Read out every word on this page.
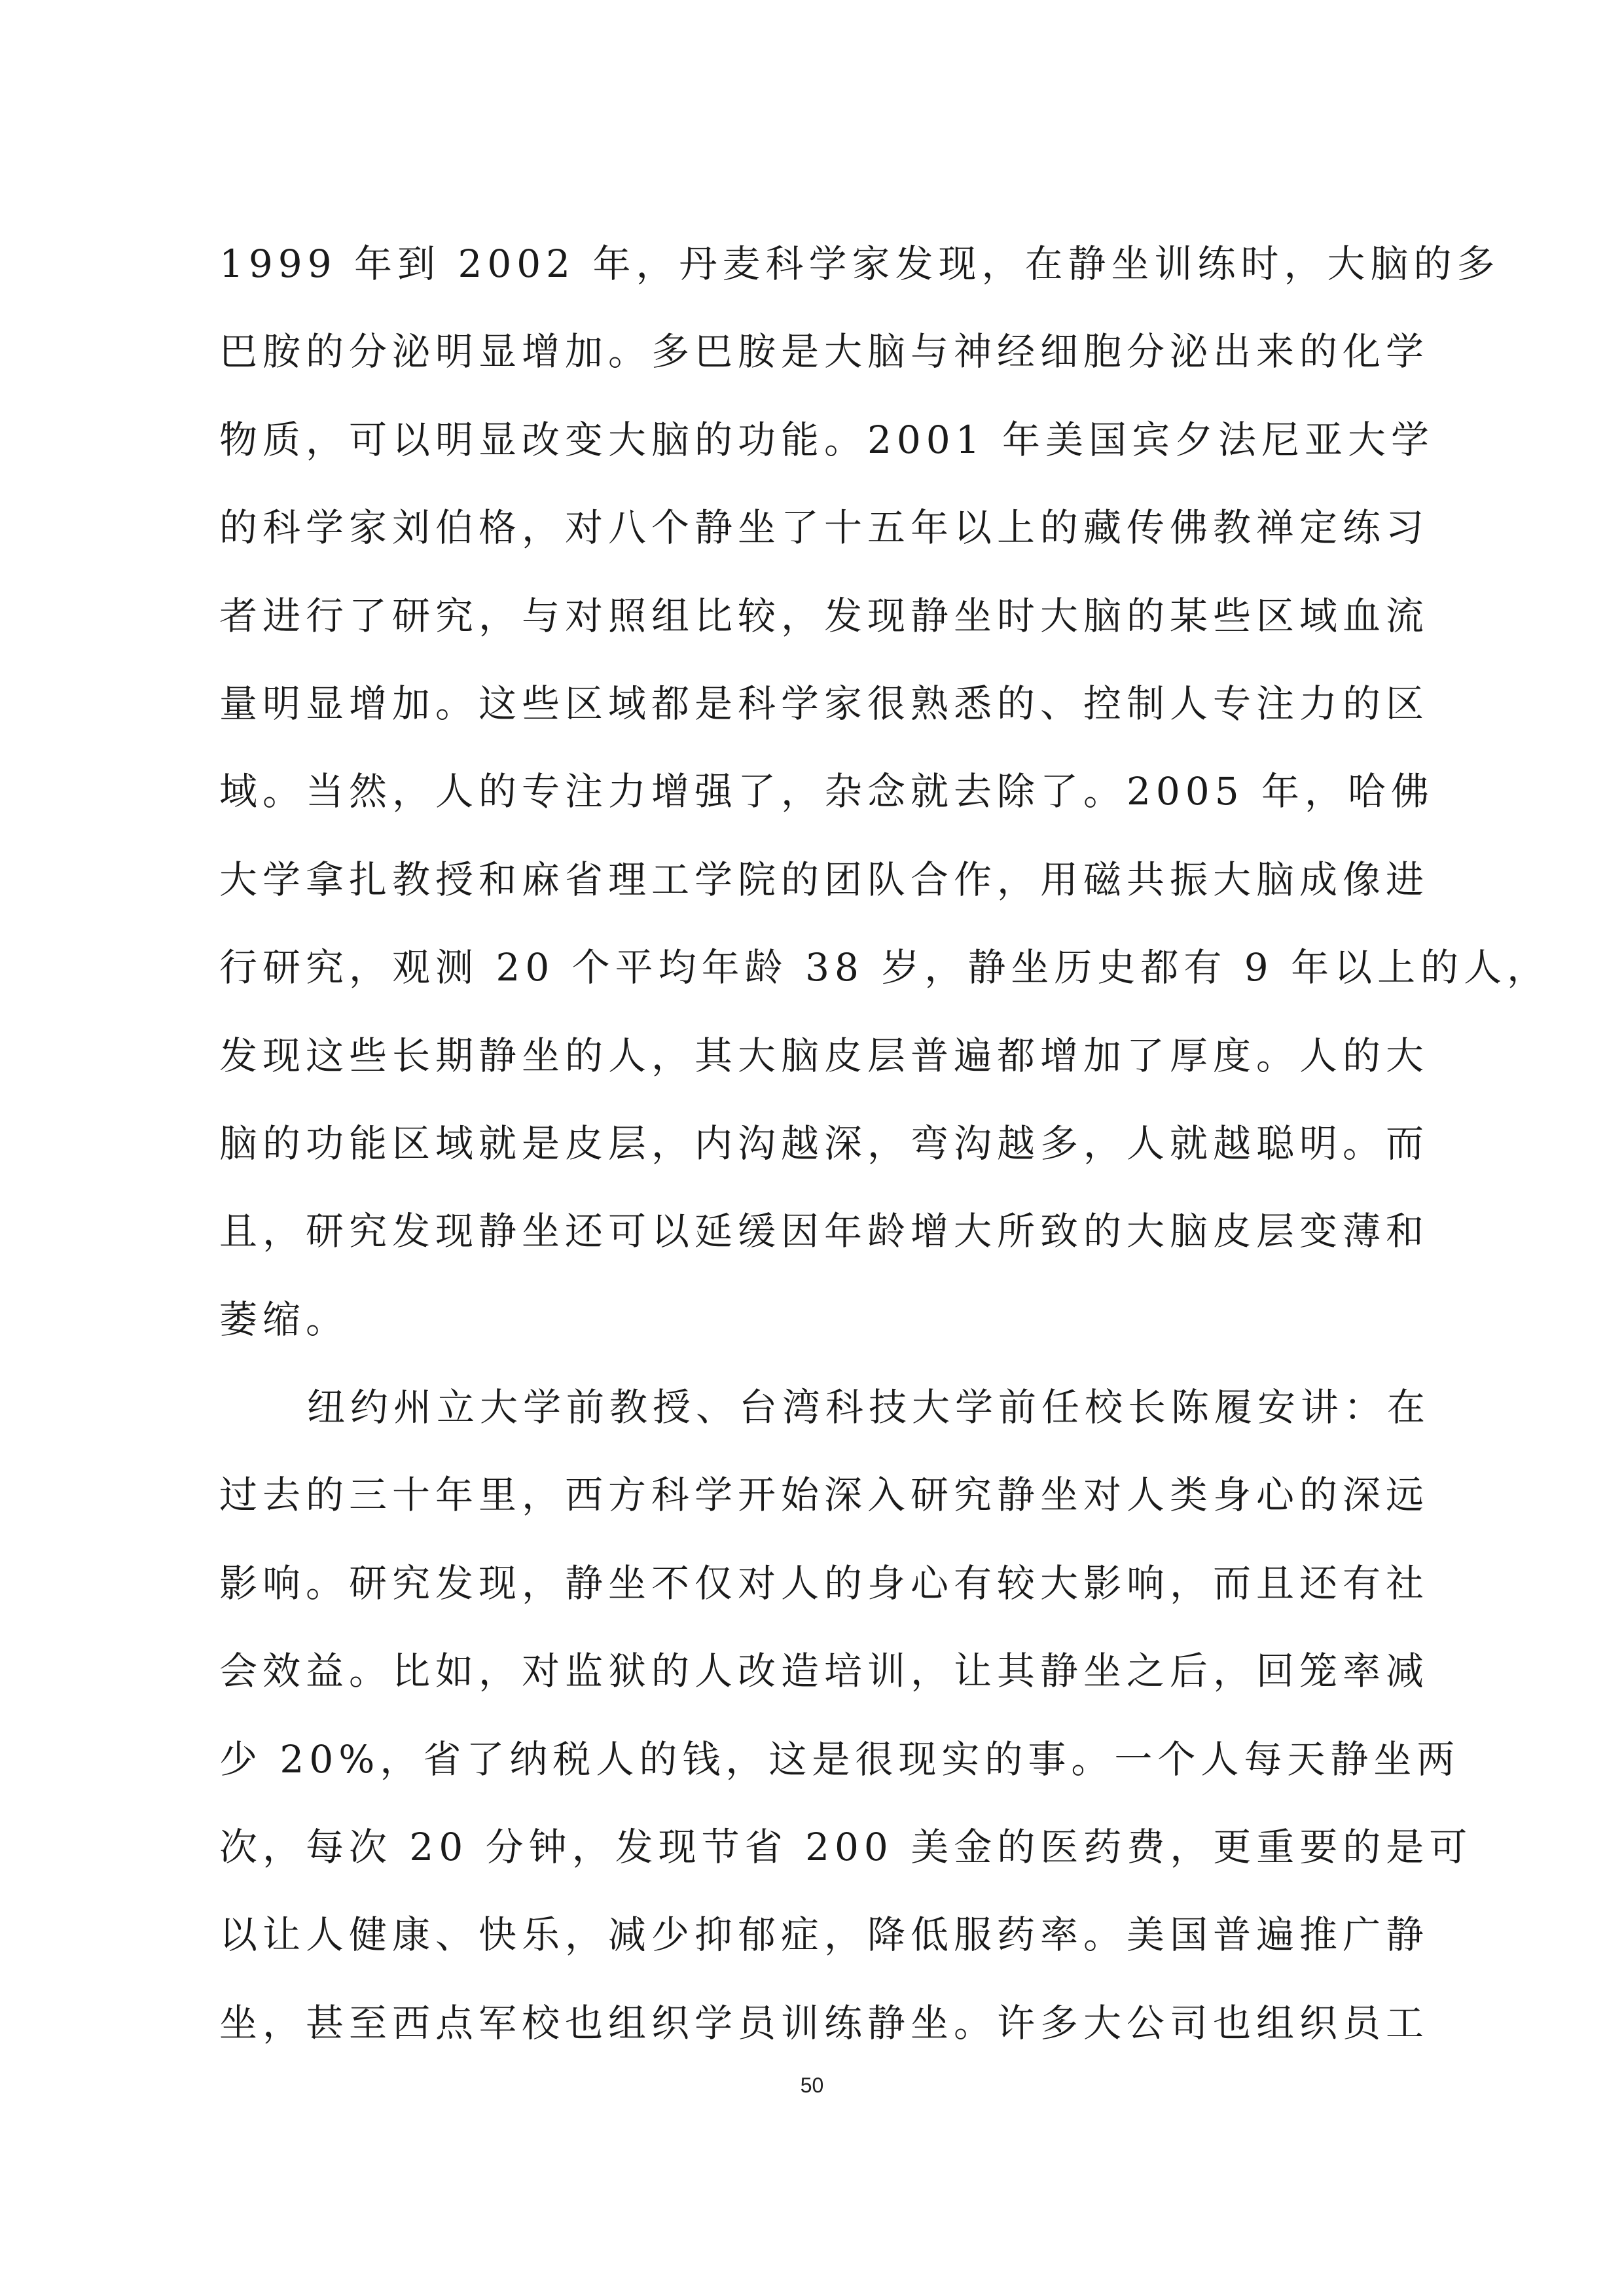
1999 年到 2002 年，丹麦科学家发现，在静坐训练时，大脑的多
巴胺的分泌明显增加。多巴胺是大脑与神经细胞分泌出来的化学
物质，可以明显改变大脑的功能。2001 年美国宾夕法尼亚大学
的科学家刘伯格，对八个静坐了十五年以上的藏传佛教禅定练习
者进行了研究，与对照组比较，发现静坐时大脑的某些区域血流
量明显增加。这些区域都是科学家很熟悉的、控制人专注力的区
域。当然，人的专注力增强了，杂念就去除了。2005 年，哈佛
大学拿扎教授和麻省理工学院的团队合作，用磁共振大脑成像进
行研究，观测 20 个平均年龄 38 岁，静坐历史都有 9 年以上的人，
发现这些长期静坐的人，其大脑皮层普遍都增加了厚度。人的大
脑的功能区域就是皮层，内沟越深，弯沟越多，人就越聪明。而
且，研究发现静坐还可以延缓因年龄增大所致的大脑皮层变薄和
萎缩。
纽约州立大学前教授、台湾科技大学前任校长陈履安讲：在
过去的三十年里，西方科学开始深入研究静坐对人类身心的深远
影响。研究发现，静坐不仅对人的身心有较大影响，而且还有社
会效益。比如，对监狱的人改造培训，让其静坐之后，回笼率减
少 20%，省了纳税人的钱，这是很现实的事。一个人每天静坐两
次，每次 20 分钟，发现节省 200 美金的医药费，更重要的是可
以让人健康、快乐，减少抑郁症，降低服药率。美国普遍推广静
坐，甚至西点军校也组织学员训练静坐。许多大公司也组织员工
50
